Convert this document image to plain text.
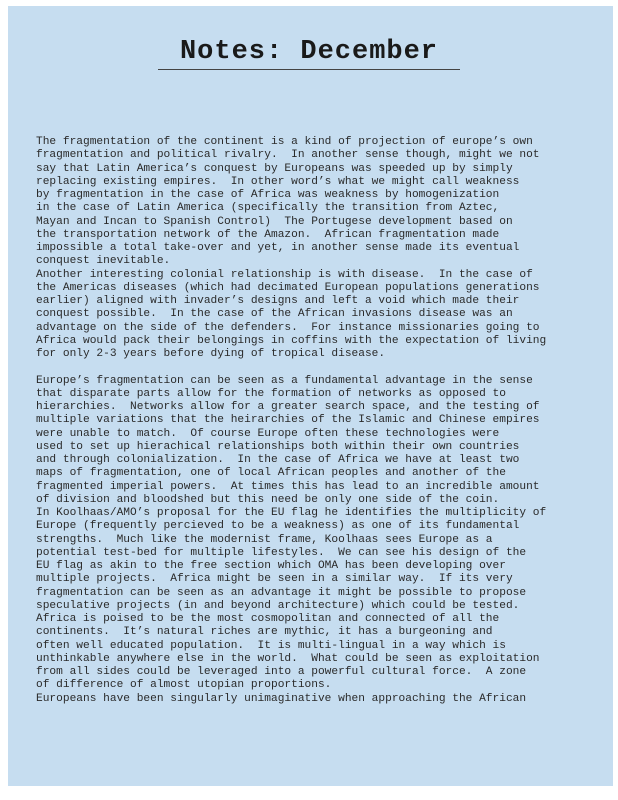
Notes: December
The fragmentation of the continent is a kind of projection of europe’s own
fragmentation and political rivalry.  In another sense though, might we not
say that Latin America’s conquest by Europeans was speeded up by simply
replacing existing empires.  In other word’s what we might call weakness
by fragmentation in the case of Africa was weakness by homogenization
in the case of Latin America (specifically the transition from Aztec,
Mayan and Incan to Spanish Control)  The Portugese development based on
the transportation network of the Amazon.  African fragmentation made
impossible a total take-over and yet, in another sense made its eventual
conquest inevitable.
Another interesting colonial relationship is with disease.  In the case of
the Americas diseases (which had decimated European populations generations
earlier) aligned with invader’s designs and left a void which made their
conquest possible.  In the case of the African invasions disease was an
advantage on the side of the defenders.  For instance missionaries going to
Africa would pack their belongings in coffins with the expectation of living
for only 2-3 years before dying of tropical disease.
Europe’s fragmentation can be seen as a fundamental advantage in the sense
that disparate parts allow for the formation of networks as opposed to
hierarchies.  Networks allow for a greater search space, and the testing of
multiple variations that the heirarchies of the Islamic and Chinese empires
were unable to match.  Of course Europe often these technologies were
used to set up hierachical relationships both within their own countries
and through colonialization.  In the case of Africa we have at least two
maps of fragmentation, one of local African peoples and another of the
fragmented imperial powers.  At times this has lead to an incredible amount
of division and bloodshed but this need be only one side of the coin.
In Koolhaas/AMO’s proposal for the EU flag he identifies the multiplicity of
Europe (frequently percieved to be a weakness) as one of its fundamental
strengths.  Much like the modernist frame, Koolhaas sees Europe as a
potential test-bed for multiple lifestyles.  We can see his design of the
EU flag as akin to the free section which OMA has been developing over
multiple projects.  Africa might be seen in a similar way.  If its very
fragmentation can be seen as an advantage it might be possible to propose
speculative projects (in and beyond architecture) which could be tested.
Africa is poised to be the most cosmopolitan and connected of all the
continents.  It’s natural riches are mythic, it has a burgeoning and
often well educated population.  It is multi-lingual in a way which is
unthinkable anywhere else in the world.  What could be seen as exploitation
from all sides could be leveraged into a powerful cultural force.  A zone
of difference of almost utopian proportions.
Europeans have been singularly unimaginative when approaching the African
